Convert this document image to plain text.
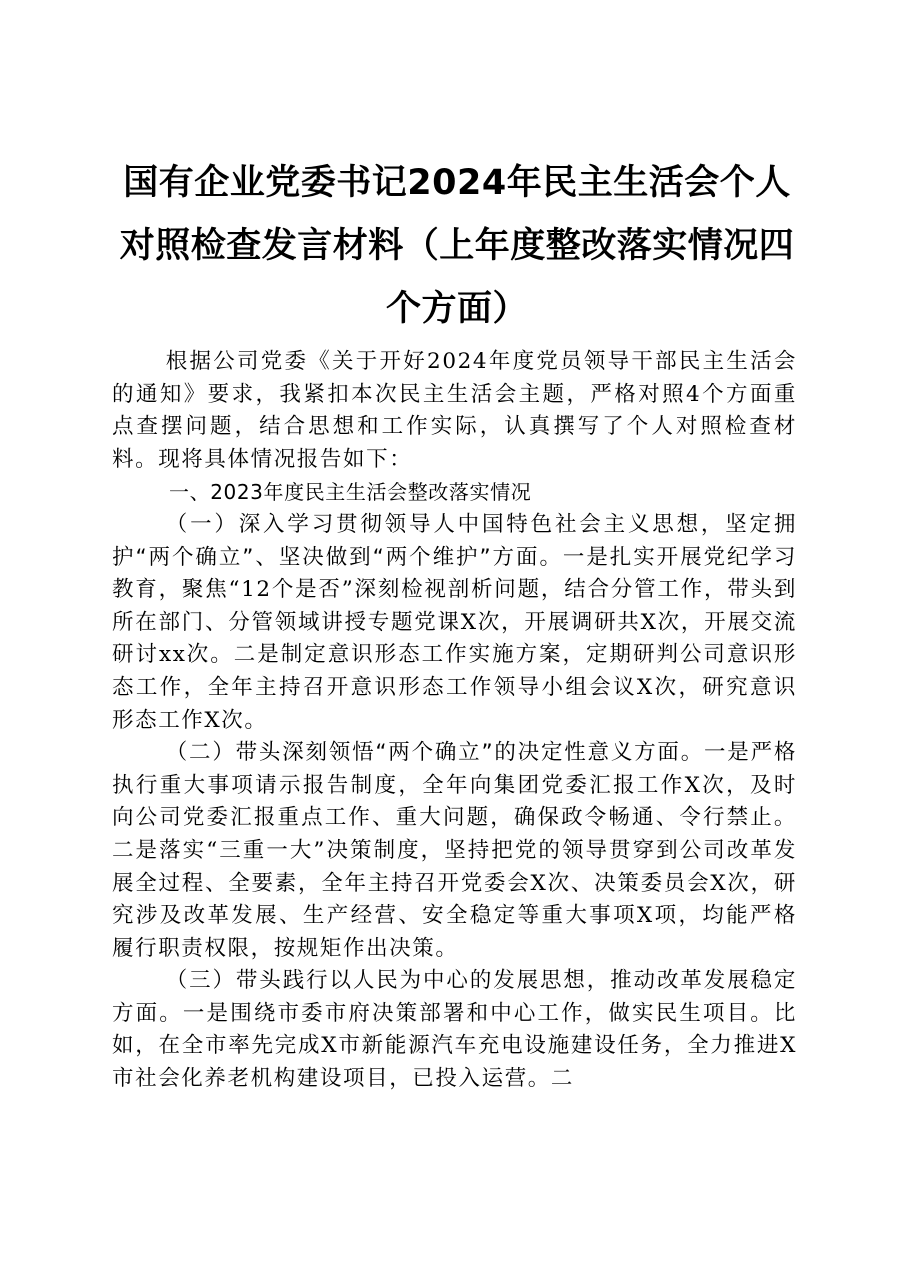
国有企业党委书记2024年民主生活会个人对照检查发言材料（上年度整改落实情况四个方面）

根据公司党委《关于开好2024年度党员领导干部民主生活会的通知》要求，我紧扣本次民主生活会主题，严格对照4个方面重点查摆问题，结合思想和工作实际，认真撰写了个人对照检查材料。现将具体情况报告如下：

一、2023年度民主生活会整改落实情况

（一）深入学习贯彻领导人中国特色社会主义思想，坚定拥护“两个确立”、坚决做到“两个维护”方面。一是扎实开展党纪学习教育，聚焦“12个是否”深刻检视剖析问题，结合分管工作，带头到所在部门、分管领域讲授专题党课X次，开展调研共X次，开展交流研讨xx次。二是制定意识形态工作实施方案，定期研判公司意识形态工作，全年主持召开意识形态工作领导小组会议X次，研究意识形态工作X次。

（二）带头深刻领悟“两个确立”的决定性意义方面。一是严格执行重大事项请示报告制度，全年向集团党委汇报工作X次，及时向公司党委汇报重点工作、重大问题，确保政令畅通、令行禁止。二是落实“三重一大”决策制度，坚持把党的领导贯穿到公司改革发展全过程、全要素，全年主持召开党委会X次、决策委员会X次，研究涉及改革发展、生产经营、安全稳定等重大事项X项，均能严格履行职责权限，按规矩作出决策。

（三）带头践行以人民为中心的发展思想，推动改革发展稳定方面。一是围绕市委市府决策部署和中心工作，做实民生项目。比如，在全市率先完成X市新能源汽车充电设施建设任务，全力推进X市社会化养老机构建设项目，已投入运营。二
